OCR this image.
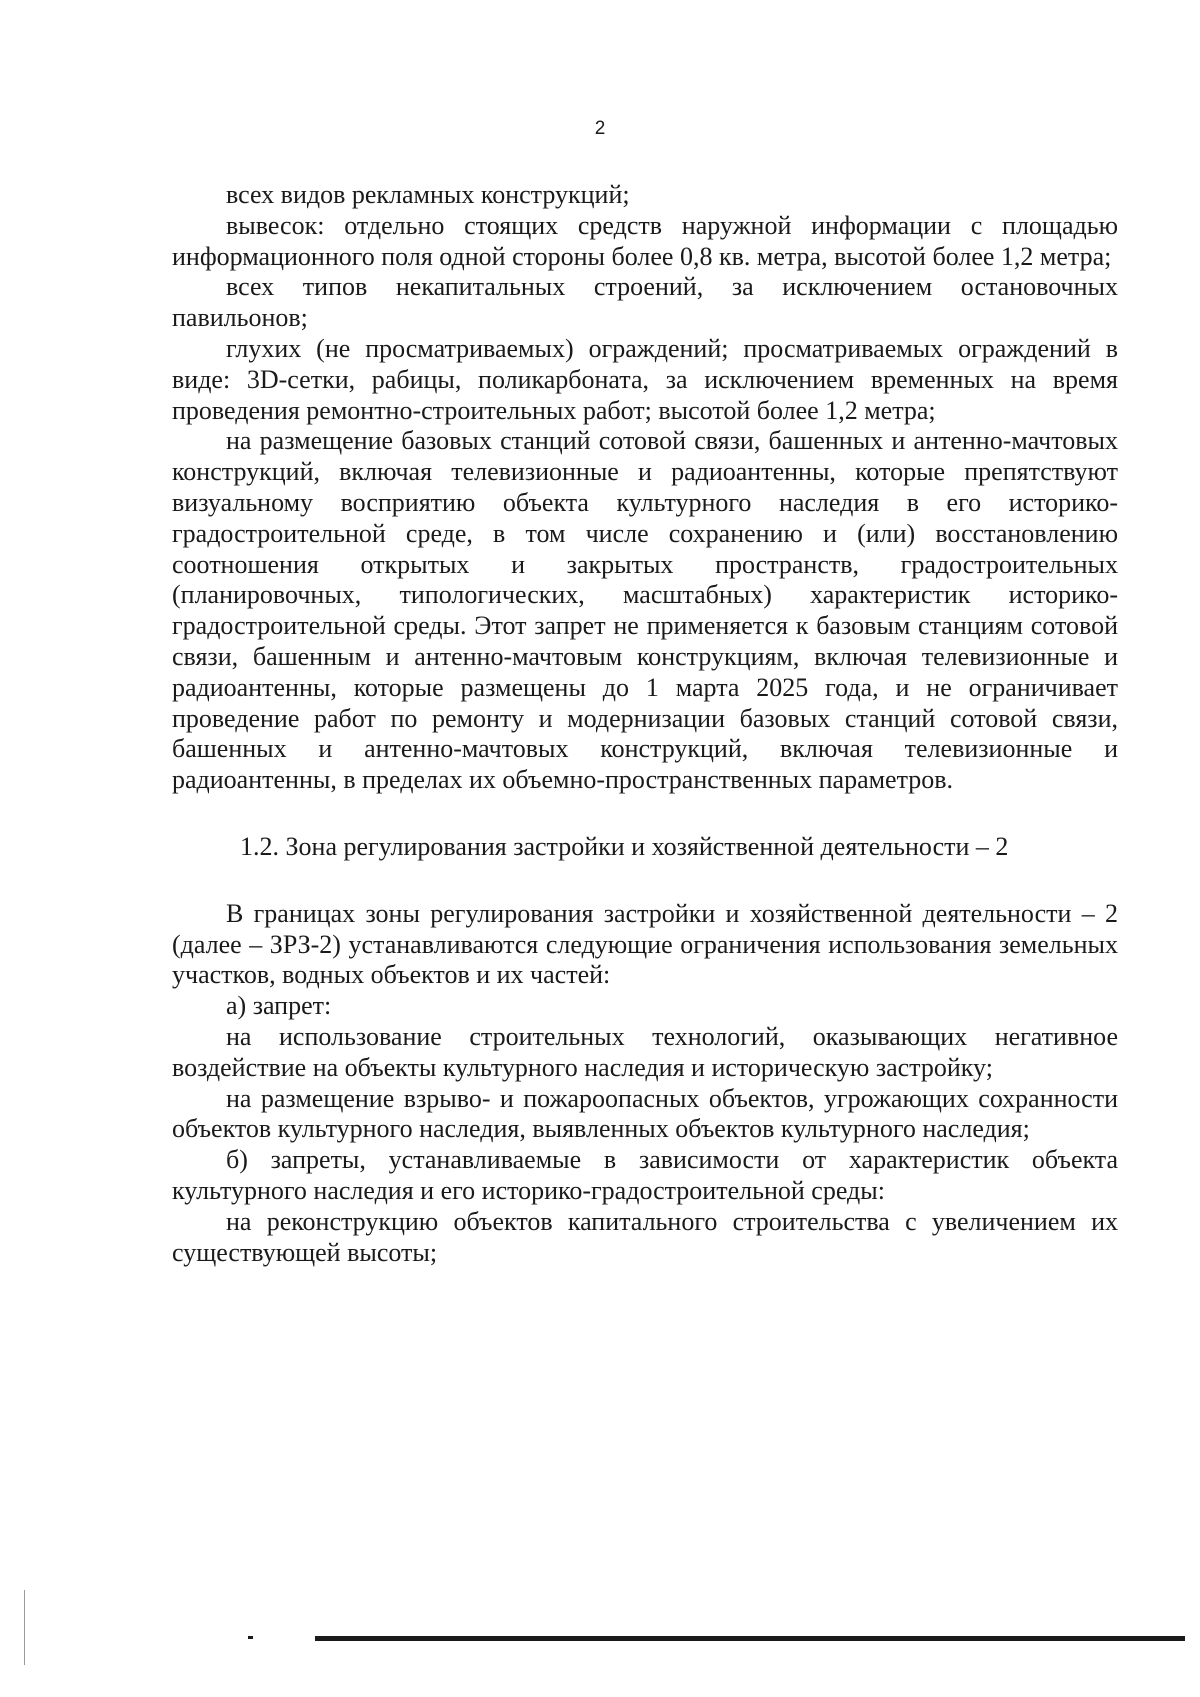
2

всех видов рекламных конструкций;

вывесок: отдельно стоящих средств наружной информации с площадью информационного поля одной стороны более 0,8 кв. метра, высотой более 1,2 метра;

всех типов некапитальных строений, за исключением остановочных павильонов;

глухих (не просматриваемых) ограждений; просматриваемых ограждений в виде: 3D-сетки, рабицы, поликарбоната, за исключением временных на время проведения ремонтно-строительных работ; высотой более 1,2 метра;

на размещение базовых станций сотовой связи, башенных и антенно-мачтовых конструкций, включая телевизионные и радиоантенны, которые препятствуют визуальному восприятию объекта культурного наследия в его историко-градостроительной среде, в том числе сохранению и (или) восстановлению соотношения открытых и закрытых пространств, градостроительных (планировочных, типологических, масштабных) характеристик историко-градостроительной среды. Этот запрет не применяется к базовым станциям сотовой связи, башенным и антенно-мачтовым конструкциям, включая телевизионные и радиоантенны, которые размещены до 1 марта 2025 года, и не ограничивает проведение работ по ремонту и модернизации базовых станций сотовой связи, башенных и антенно-мачтовых конструкций, включая телевизионные и радиоантенны, в пределах их объемно-пространственных параметров.

1.2. Зона регулирования застройки и хозяйственной деятельности – 2

В границах зоны регулирования застройки и хозяйственной деятельности – 2 (далее – ЗРЗ-2) устанавливаются следующие ограничения использования земельных участков, водных объектов и их частей:

а) запрет:

на использование строительных технологий, оказывающих негативное воздействие на объекты культурного наследия и историческую застройку;

на размещение взрыво- и пожароопасных объектов, угрожающих сохранности объектов культурного наследия, выявленных объектов культурного наследия;

б) запреты, устанавливаемые в зависимости от характеристик объекта культурного наследия и его историко-градостроительной среды:

на реконструкцию объектов капитального строительства с увеличением их существующей высоты;
